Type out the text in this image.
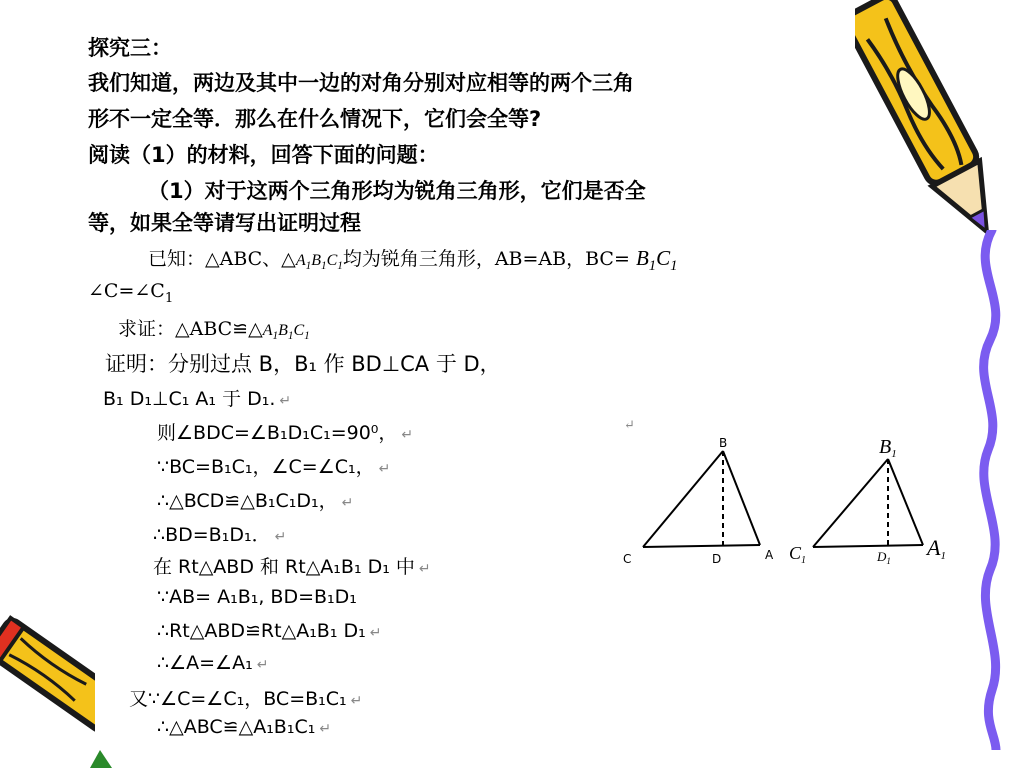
探究三：
我们知道，两边及其中一边的对角分别对应相等的两个三角
形不一定全等．那么在什么情况下，它们会全等?
阅读（1）的材料，回答下面的问题：
（1）对于这两个三角形均为锐角三角形，它们是否全
等，如果全等请写出证明过程
已知：△ABC、$\triangle A_1B_1C_1$均为锐角三角形，AB=AB，$BC= B_1C_1$
$\angle C=\angle C_1$
求证：$\triangle ABC≌\triangle A_1B_1C_1$
证明：分别过点 B，B₁ 作 BD⊥CA 于 D，
B₁ D₁⊥C₁ A₁ 于 D₁. ↵
则∠BDC=∠B₁D₁C₁=90⁰， ↵
∵BC=B₁C₁，∠C=∠C₁， ↵
∴△BCD≌△B₁C₁D₁， ↵
∴BD=B₁D₁． ↵
在 Rt△ABD 和 Rt△A₁B₁ D₁ 中 ↵
∵AB= A₁B₁, BD=B₁D₁
∴Rt△ABD≌Rt△A₁B₁ D₁ ↵
∴∠A=∠A₁ ↵
又∵∠C=∠C₁，BC=B₁C₁ ↵
∴△ABC≌△A₁B₁C₁ ↵
↵
B
C	D	A
$B_1$
$C_1$	$D_1$
A1
